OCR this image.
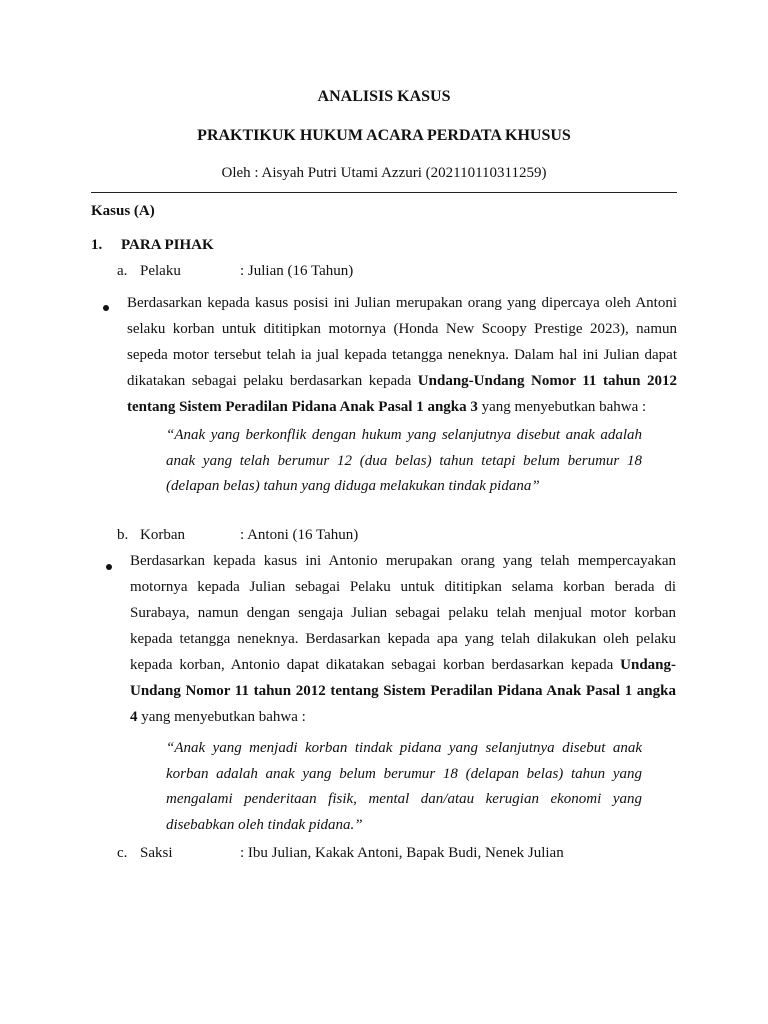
ANALISIS KASUS
PRAKTIKUK HUKUM ACARA PERDATA KHUSUS
Oleh : Aisyah Putri Utami Azzuri (202110110311259)
Kasus (A)
1. PARA PIHAK
a. Pelaku	: Julian (16 Tahun)

Berdasarkan kepada kasus posisi ini Julian merupakan orang yang dipercaya oleh Antoni selaku korban untuk dititipkan motornya (Honda New Scoopy Prestige 2023), namun sepeda motor tersebut telah ia jual kepada tetangga neneknya. Dalam hal ini Julian dapat dikatakan sebagai pelaku berdasarkan kepada Undang-Undang Nomor 11 tahun 2012 tentang Sistem Peradilan Pidana Anak Pasal 1 angka 3 yang menyebutkan bahwa :

“Anak yang berkonflik dengan hukum yang selanjutnya disebut anak adalah anak yang telah berumur 12 (dua belas) tahun tetapi belum berumur 18 (delapan belas) tahun yang diduga melakukan tindak pidana”

b. Korban	: Antoni (16 Tahun)

Berdasarkan kepada kasus ini Antonio merupakan orang yang telah mempercayakan motornya kepada Julian sebagai Pelaku untuk dititipkan selama korban berada di Surabaya, namun dengan sengaja Julian sebagai pelaku telah menjual motor korban kepada tetangga neneknya. Berdasarkan kepada apa yang telah dilakukan oleh pelaku kepada korban, Antonio dapat dikatakan sebagai korban berdasarkan kepada Undang-Undang Nomor 11 tahun 2012 tentang Sistem Peradilan Pidana Anak Pasal 1 angka 4 yang menyebutkan bahwa :

“Anak yang menjadi korban tindak pidana yang selanjutnya disebut anak korban adalah anak yang belum berumur 18 (delapan belas) tahun yang mengalami penderitaan fisik, mental dan/atau kerugian ekonomi yang disebabkan oleh tindak pidana.”

c. Saksi	: Ibu Julian, Kakak Antoni, Bapak Budi, Nenek Julian
